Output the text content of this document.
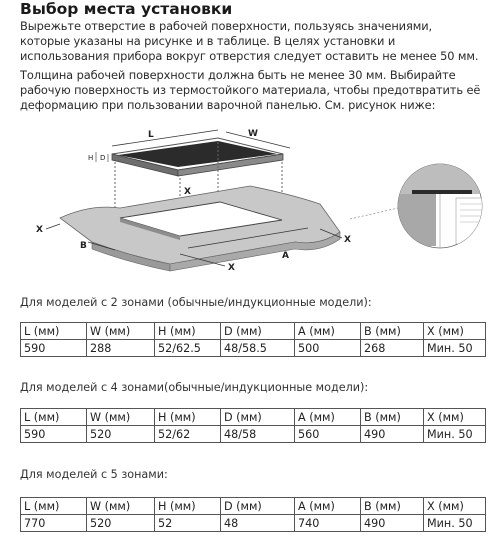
Выбор места установки
Вырежьте отверстие в рабочей поверхности, пользуясь значениями, которые указаны на рисунке и в таблице. В целях установки и использования прибора вокруг отверстия следует оставить не менее 50 мм.
Толщина рабочей поверхности должна быть не менее 30 мм. Выбирайте рабочую поверхность из термостойкого материала, чтобы предотвратить её деформацию при пользовании варочной панелью. См. рисунок ниже:
L	W
H D
X
X
X
X
B
A
Для моделей с 2 зонами (обычные/индукционные модели):
L (мм)	W (мм)	H (мм)	D (мм)	A (мм)	B (мм)	X (мм)
590	288	52/62.5	48/58.5	500	268	Мин. 50
Для моделей с 4 зонами(обычные/индукционные модели):
L (мм)	W (мм)	H (мм)	D (мм)	A (мм)	B (мм)	X (мм)
590	520	52/62	48/58	560	490	Мин. 50
Для моделей с 5 зонами:
L (мм)	W (мм)	H (мм)	D (мм)	A (мм)	B (мм)	X (мм)
770	520	52	48	740	490	Мин. 50
